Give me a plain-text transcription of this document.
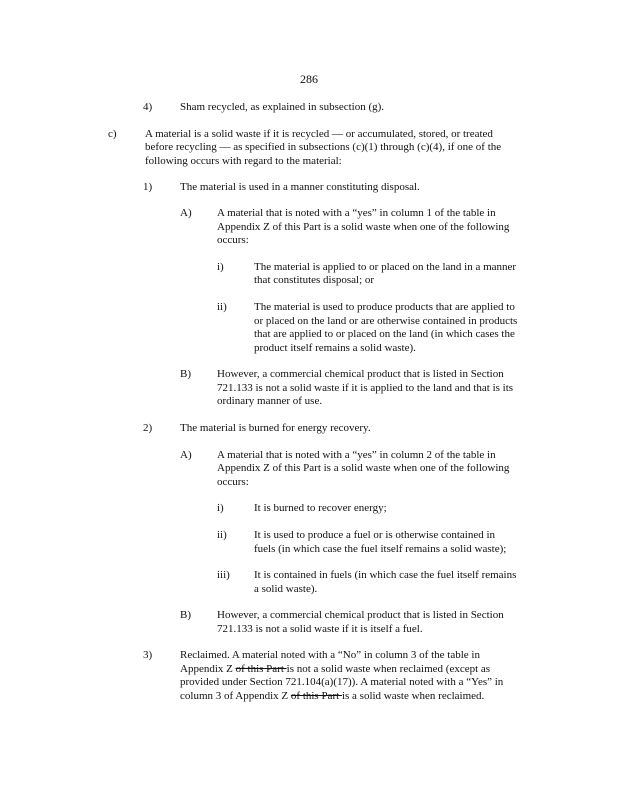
286
4)	Sham recycled, as explained in subsection (g).
c)	A material is a solid waste if it is recycled — or accumulated, stored, or treated
before recycling — as specified in subsections (c)(1) through (c)(4), if one of the
following occurs with regard to the material:
1)	The material is used in a manner constituting disposal.
A) A material that is noted with a “yes” in column 1 of the table in
Appendix Z of this Part is a solid waste when one of the following
occurs:
i)	The material is applied to or placed on the land in a manner
that constitutes disposal; or
ii) The material is used to produce products that are applied to
or placed on the land or are otherwise contained in products
that are applied to or placed on the land (in which cases the
product itself remains a solid waste).
B) However, a commercial chemical product that is listed in Section
721.133 is not a solid waste if it is applied to the land and that is its
ordinary manner of use.
2)	The material is burned for energy recovery.
A) A material that is noted with a “yes” in column 2 of the table in
Appendix Z of this Part is a solid waste when one of the following
occurs:
i)	It is burned to recover energy;
ii) It is used to produce a fuel or is otherwise contained in
fuels (in which case the fuel itself remains a solid waste);
iii) It is contained in fuels (in which case the fuel itself remains
a solid waste).
B) However, a commercial chemical product that is listed in Section
721.133 is not a solid waste if it is itself a fuel.
3)	Reclaimed. A material noted with a “No” in column 3 of the table in
Appendix Z of this Part is not a solid waste when reclaimed (except as
provided under Section 721.104(a)(17)). A material noted with a “Yes” in
column 3 of Appendix Z of this Part is a solid waste when reclaimed.
